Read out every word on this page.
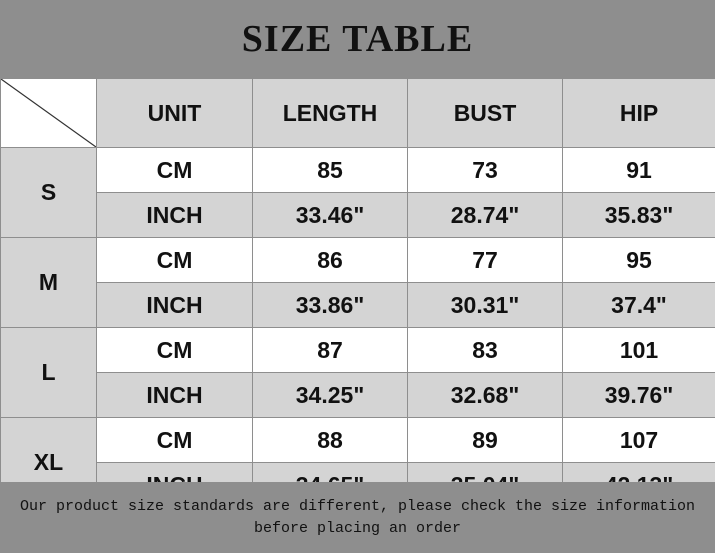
SIZE TABLE
	UNIT	LENGTH	BUST	HIP
S	CM	85	73	91
	INCH	33.46"	28.74"	35.83"
M	CM	86	77	95
	INCH	33.86"	30.31"	37.4"
L	CM	87	83	101
	INCH	34.25"	32.68"	39.76"
XL	CM	88	89	107

Our product size standards are different, please check the size information
before placing an order
